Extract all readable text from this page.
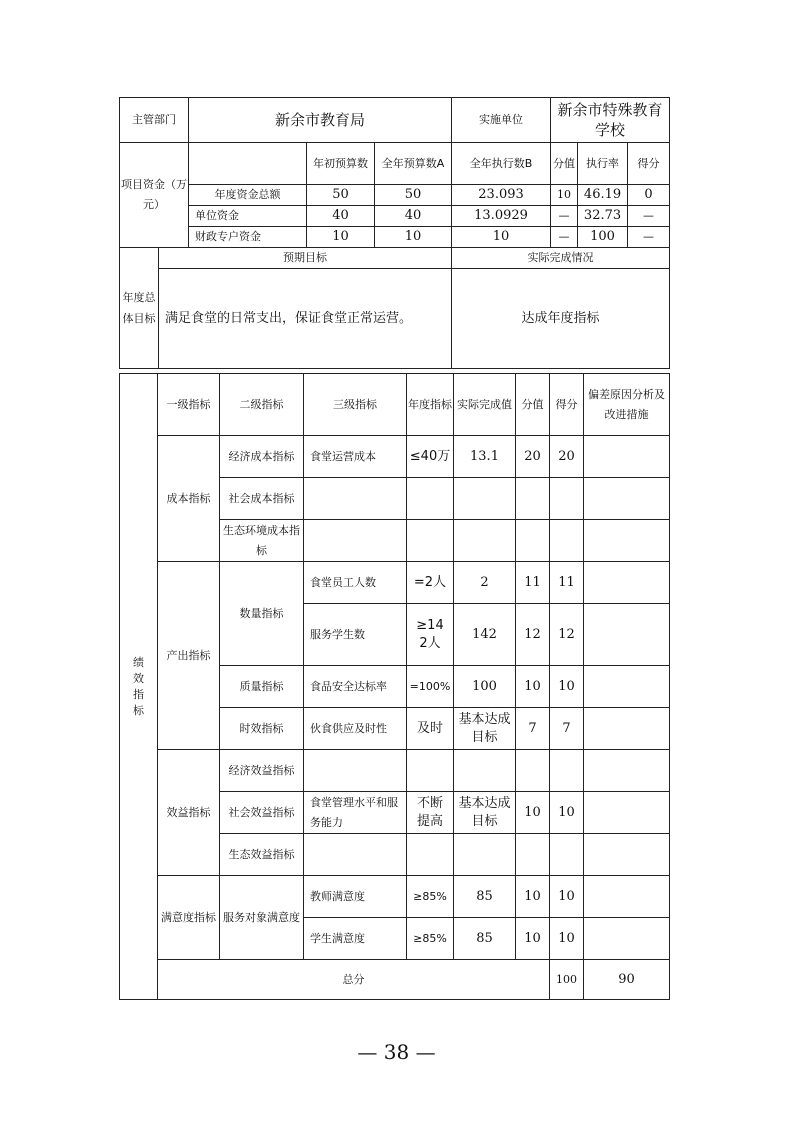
主管部门		新余市教育局			实施单位	新余市特殊教育学校		
项目资金（万元）			年初预算数	全年预算数A	全年执行数B	分值	执行率	得分
		年度资金总额	50	50	23.093	10	46.19	0
		单位资金	40	40	13.0929	—	32.73	—
		财政专户资金	10	10	10	—	100	—
年度总体目标	预期目标				实际完成情况			
	满足食堂的日常支出，保证食堂正常运营。				达成年度指标			
绩效指标	一级指标	二级指标	三级指标	年度指标	实际完成值	分值	得分	偏差原因分析及改进措施	
	成本指标	经济成本指标	食堂运营成本	≤40万	13.1	20	20		
		社会成本指标							
		生态环境成本指标							
	产出指标	数量指标	食堂员工人数	=2人	2	11	11		
			服务学生数	≥142人	142	12	12		
		质量指标	食品安全达标率	=100%	100	10	10		
		时效指标	伙食供应及时性	及时	基本达成目标	7	7		
	效益指标	经济效益指标							
		社会效益指标	食堂管理水平和服务能力	不断提高	基本达成目标	10	10		
		生态效益指标							
	满意度指标	服务对象满意度	教师满意度	≥85%	85	10	10		
			学生满意度	≥85%	85	10	10		
	总分						100	90	
— 38 —
